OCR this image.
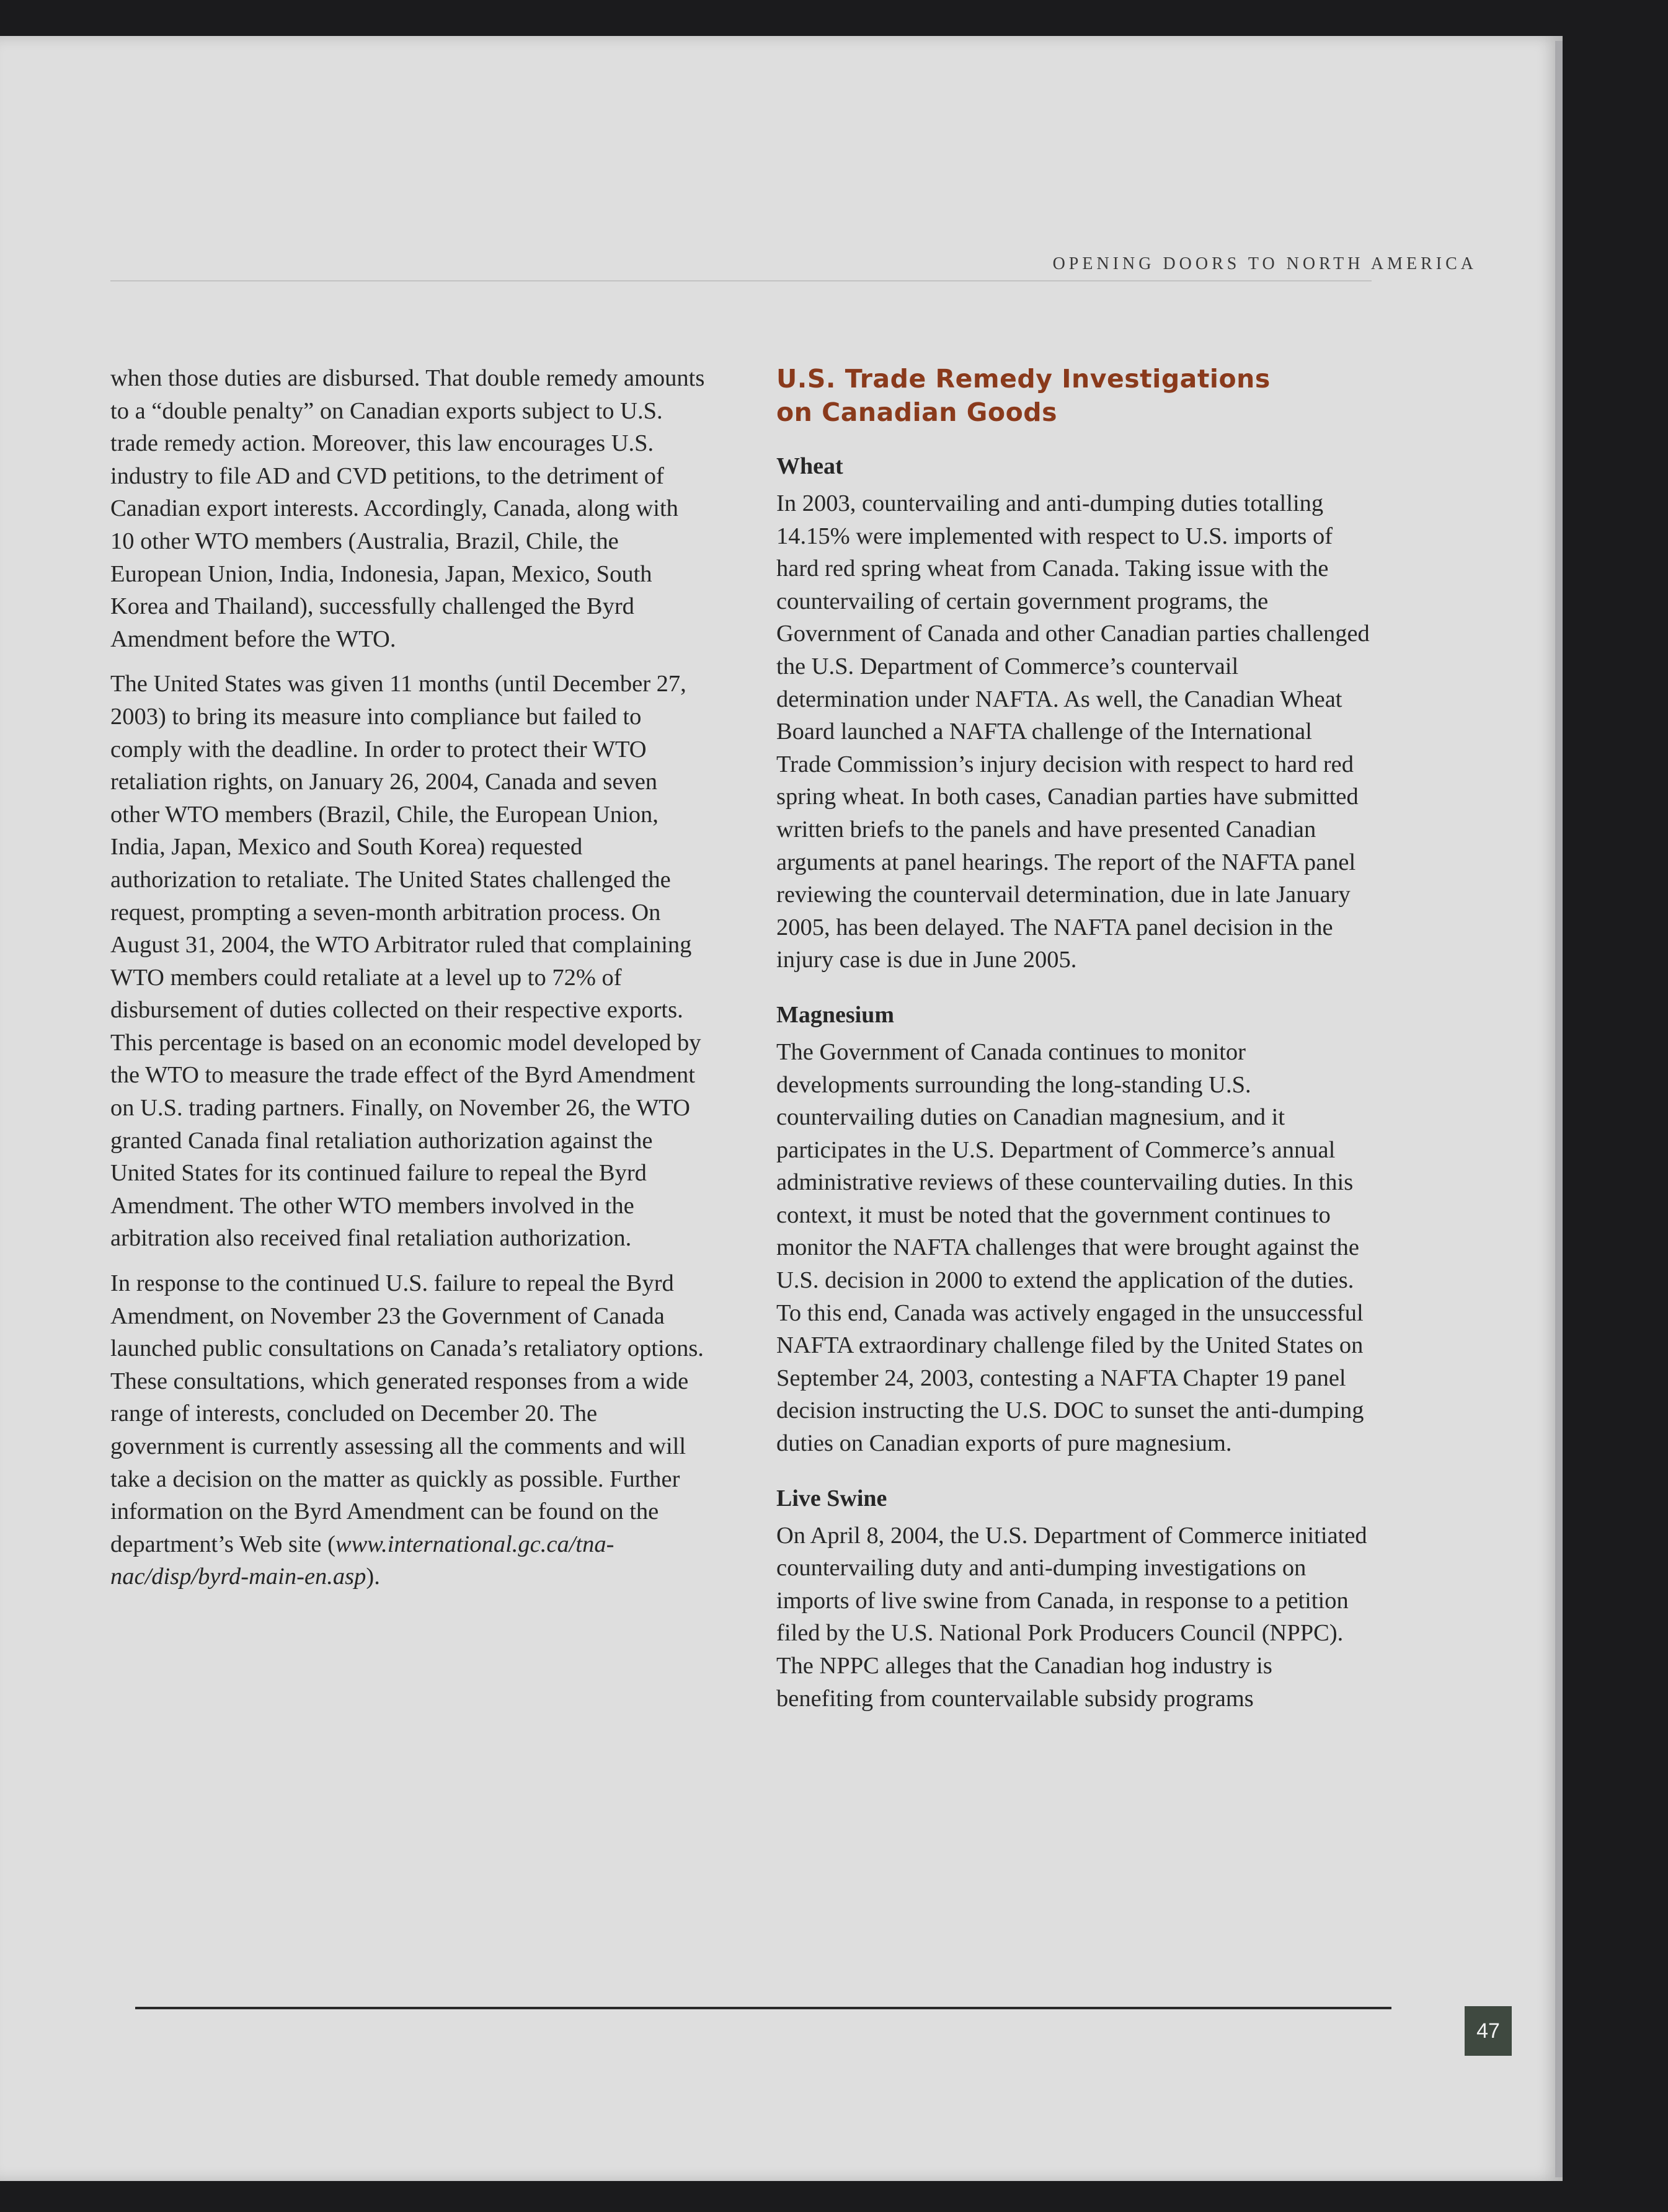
OPENING DOORS TO NORTH AMERICA

when those duties are disbursed. That double remedy amounts to a “double penalty” on Canadian exports subject to U.S. trade remedy action. Moreover, this law encourages U.S. industry to file AD and CVD petitions, to the detriment of Canadian export interests. Accordingly, Canada, along with 10 other WTO members (Australia, Brazil, Chile, the European Union, India, Indonesia, Japan, Mexico, South Korea and Thailand), successfully challenged the Byrd Amendment before the WTO.

The United States was given 11 months (until December 27, 2003) to bring its measure into compliance but failed to comply with the deadline. In order to protect their WTO retaliation rights, on January 26, 2004, Canada and seven other WTO members (Brazil, Chile, the European Union, India, Japan, Mexico and South Korea) requested authorization to retaliate. The United States challenged the request, prompting a seven-month arbitration process. On August 31, 2004, the WTO Arbitrator ruled that complaining WTO members could retaliate at a level up to 72% of disbursement of duties collected on their respective exports. This percentage is based on an economic model developed by the WTO to measure the trade effect of the Byrd Amendment on U.S. trading partners. Finally, on November 26, the WTO granted Canada final retaliation authorization against the United States for its continued failure to repeal the Byrd Amendment. The other WTO members involved in the arbitration also received final retaliation authorization.

In response to the continued U.S. failure to repeal the Byrd Amendment, on November 23 the Government of Canada launched public consultations on Canada’s retaliatory options. These consultations, which generated responses from a wide range of interests, concluded on December 20. The government is currently assessing all the comments and will take a decision on the matter as quickly as possible. Further information on the Byrd Amendment can be found on the department’s Web site (www.international.gc.ca/tna-nac/disp/byrd-main-en.asp).

U.S. Trade Remedy Investigations
on Canadian Goods
Wheat

In 2003, countervailing and anti-dumping duties totalling 14.15% were implemented with respect to U.S. imports of hard red spring wheat from Canada. Taking issue with the countervailing of certain government programs, the Government of Canada and other Canadian parties challenged the U.S. Department of Commerce’s countervail determination under NAFTA. As well, the Canadian Wheat Board launched a NAFTA challenge of the International Trade Commission’s injury decision with respect to hard red spring wheat. In both cases, Canadian parties have submitted written briefs to the panels and have presented Canadian arguments at panel hearings. The report of the NAFTA panel reviewing the countervail determination, due in late January 2005, has been delayed. The NAFTA panel decision in the injury case is due in June 2005.

Magnesium

The Government of Canada continues to monitor developments surrounding the long-standing U.S. countervailing duties on Canadian magnesium, and it participates in the U.S. Department of Commerce’s annual administrative reviews of these countervailing duties. In this context, it must be noted that the government continues to monitor the NAFTA challenges that were brought against the U.S. decision in 2000 to extend the application of the duties. To this end, Canada was actively engaged in the unsuccessful NAFTA extraordinary challenge filed by the United States on September 24, 2003, contesting a NAFTA Chapter 19 panel decision instructing the U.S. DOC to sunset the anti-dumping duties on Canadian exports of pure magnesium.

Live Swine

On April 8, 2004, the U.S. Department of Commerce initiated countervailing duty and anti-dumping investigations on imports of live swine from Canada, in response to a petition filed by the U.S. National Pork Producers Council (NPPC). The NPPC alleges that the Canadian hog industry is benefiting from countervailable subsidy programs

47
